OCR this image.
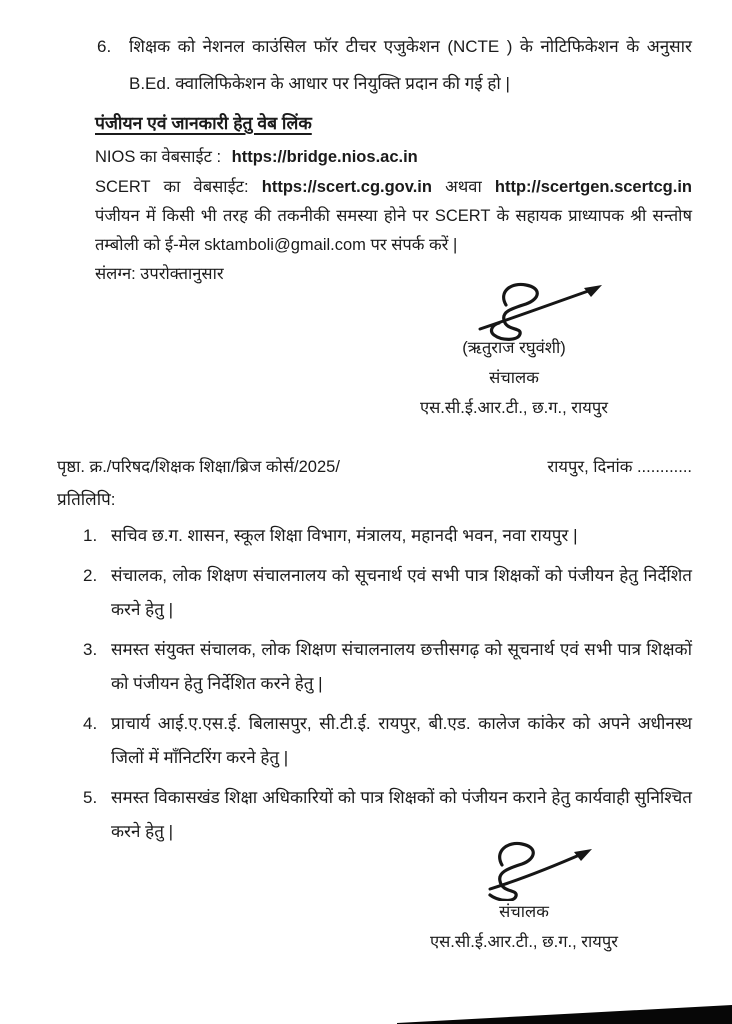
6.	शिक्षक को नेशनल काउंसिल फॉर टीचर एजुकेशन (NCTE ) के नोटिफिकेशन के अनुसार B.Ed. क्वालिफिकेशन के आधार पर नियुक्ति प्रदान की गई हो |
पंजीयन एवं जानकारी हेतु वेब लिंक
NIOS का वेबसाईट : https://bridge.nios.ac.in
SCERT का वेबसाईट: https://scert.cg.gov.in अथवा http://scertgen.scertcg.in
पंजीयन में किसी भी तरह की तकनीकी समस्या होने पर SCERT के सहायक प्राध्यापक श्री सन्तोष तम्बोली को ई-मेल sktamboli@gmail.com पर संपर्क करें |
संलग्न: उपरोक्तानुसार
(ऋतुराज रघुवंशी)
संचालक
एस.सी.ई.आर.टी., छ.ग., रायपुर
पृष्ठा. क्र./परिषद/शिक्षक शिक्षा/ब्रिज कोर्स/2025/	रायपुर, दिनांक ............
प्रतिलिपि:
1. सचिव छ.ग. शासन, स्कूल शिक्षा विभाग, मंत्रालय, महानदी भवन, नवा रायपुर |
2. संचालक, लोक शिक्षण संचालनालय को सूचनार्थ एवं सभी पात्र शिक्षकों को पंजीयन हेतु निर्देशित करने हेतु |
3. समस्त संयुक्त संचालक, लोक शिक्षण संचालनालय छत्तीसगढ़ को सूचनार्थ एवं सभी पात्र शिक्षकों को पंजीयन हेतु निर्देशित करने हेतु |
4. प्राचार्य आई.ए.एस.ई. बिलासपुर, सी.टी.ई. रायपुर, बी.एड. कालेज कांकेर को अपने अधीनस्थ जिलों में माँनिटरिंग करने हेतु |
5. समस्त विकासखंड शिक्षा अधिकारियों को पात्र शिक्षकों को पंजीयन कराने हेतु कार्यवाही सुनिश्चित करने हेतु |
संचालक
एस.सी.ई.आर.टी., छ.ग., रायपुर
